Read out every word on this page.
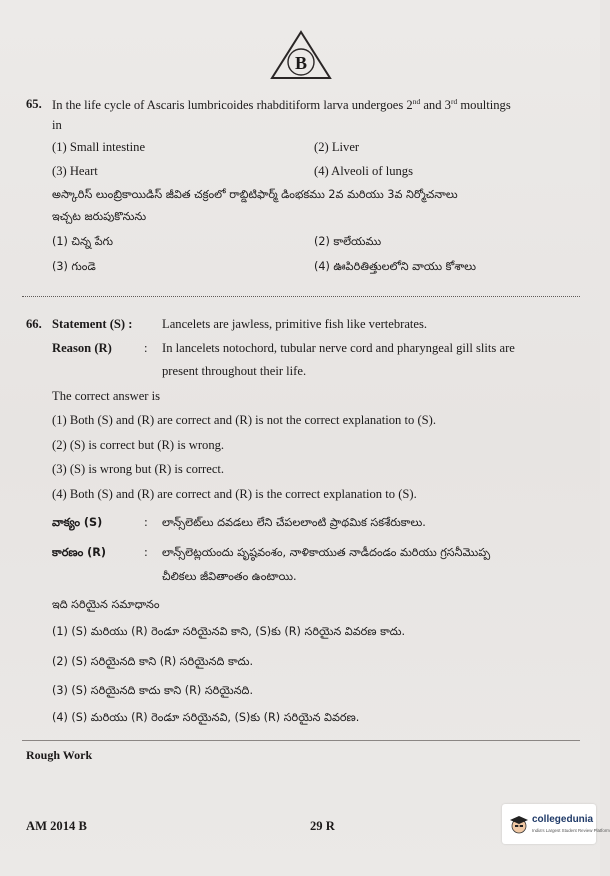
B
65. In the life cycle of Ascaris lumbricoides rhabditiform larva undergoes 2nd and 3rd moultings
in
(1) Small intestine	(2) Liver
(3) Heart	(4) Alveoli of lungs
అస్కారిస్ లుంబ్రికాయిడిస్ జీవిత చక్రంలో రాబ్డిటిఫార్మ్ డింభకము 2వ మరియు 3వ నిర్మోచనాలు
ఇచ్చట జరుపుకొనును
(1) చిన్న పేగు	(2) కాలేయము
(3) గుండె	(4) ఊపిరితిత్తులలోని వాయు కోశాలు
66. Statement (S) : Lancelets are jawless, primitive fish like vertebrates.
Reason (R)	: In lancelets notochord, tubular nerve cord and pharyngeal gill slits are
present throughout their life.
The correct answer is
(1) Both (S) and (R) are correct and (R) is not the correct explanation to (S).
(2) (S) is correct but (R) is wrong.
(3) (S) is wrong but (R) is correct.
(4) Both (S) and (R) are correct and (R) is the correct explanation to (S).
వాక్యం (S)	: లాన్స్‌లెట్‌లు దవడలు లేని చేపలలాంటి ప్రాథమిక సకశేరుకాలు.
కారణం (R)	: లాన్స్‌లెట్లయందు పృష్ఠవంశం, నాళికాయుత నాడీదండం మరియు గ్రసనీమొప్ప
చీలికలు జీవితాంతం ఉంటాయి.
ఇది సరియైన సమాధానం
(1) (S) మరియు (R) రెండూ సరియైనవి కాని, (S)కు (R) సరియైన వివరణ కాదు.
(2) (S) సరియైనది కాని (R) సరియైనది కాదు.
(3) (S) సరియైనది కాదు కాని (R) సరియైనది.
(4) (S) మరియు (R) రెండూ సరియైనవి, (S)కు (R) సరియైన వివరణ.
Rough Work
AM 2014 B	29 R	collegedunia
India's Largest Student Review Platform
